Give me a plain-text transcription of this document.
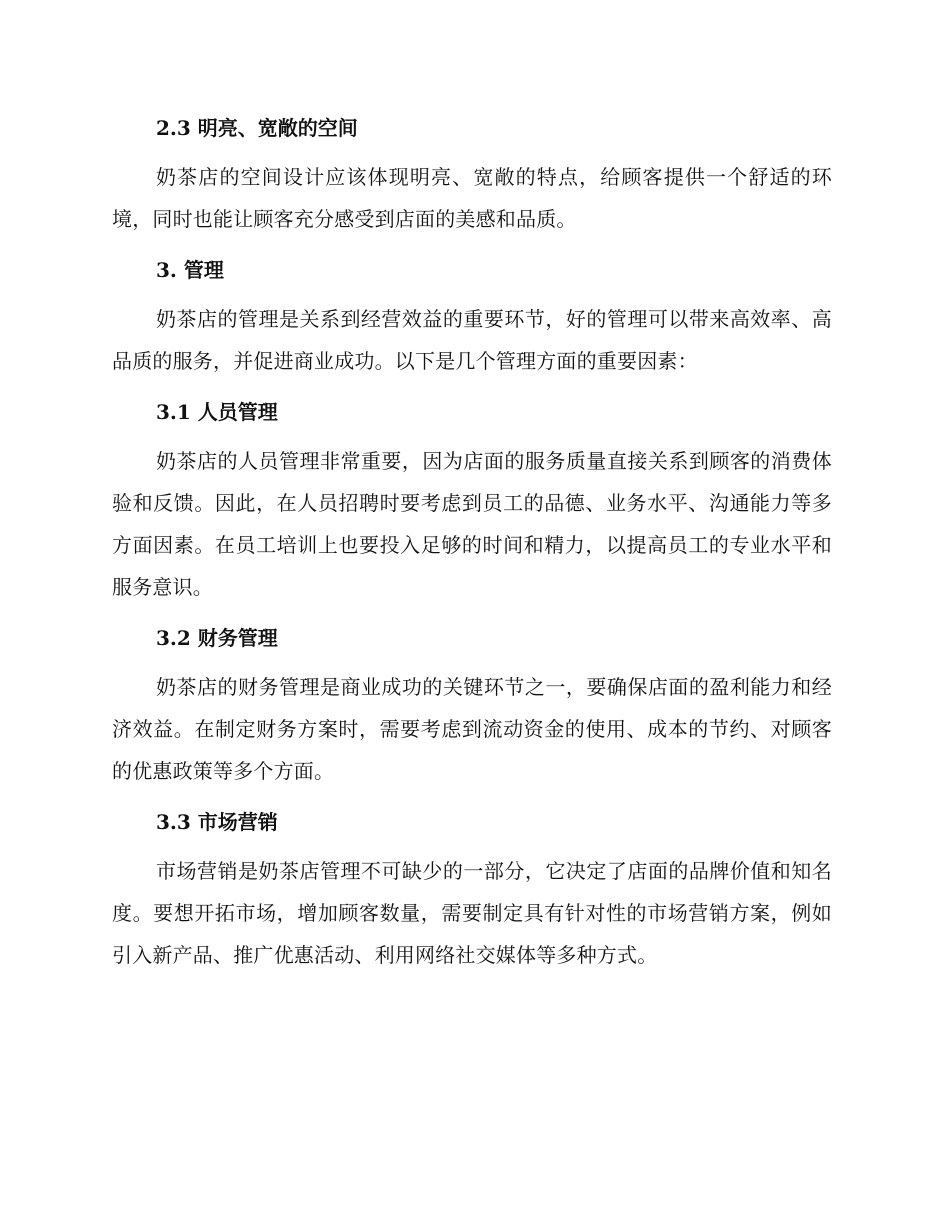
2.3 明亮、宽敞的空间

奶茶店的空间设计应该体现明亮、宽敞的特点，给顾客提供一个舒适的环境，同时也能让顾客充分感受到店面的美感和品质。

3. 管理

奶茶店的管理是关系到经营效益的重要环节，好的管理可以带来高效率、高品质的服务，并促进商业成功。以下是几个管理方面的重要因素：

3.1 人员管理

奶茶店的人员管理非常重要，因为店面的服务质量直接关系到顾客的消费体验和反馈。因此，在人员招聘时要考虑到员工的品德、业务水平、沟通能力等多方面因素。在员工培训上也要投入足够的时间和精力，以提高员工的专业水平和服务意识。

3.2 财务管理

奶茶店的财务管理是商业成功的关键环节之一，要确保店面的盈利能力和经济效益。在制定财务方案时，需要考虑到流动资金的使用、成本的节约、对顾客的优惠政策等多个方面。

3.3 市场营销

市场营销是奶茶店管理不可缺少的一部分，它决定了店面的品牌价值和知名度。要想开拓市场，增加顾客数量，需要制定具有针对性的市场营销方案，例如引入新产品、推广优惠活动、利用网络社交媒体等多种方式。
